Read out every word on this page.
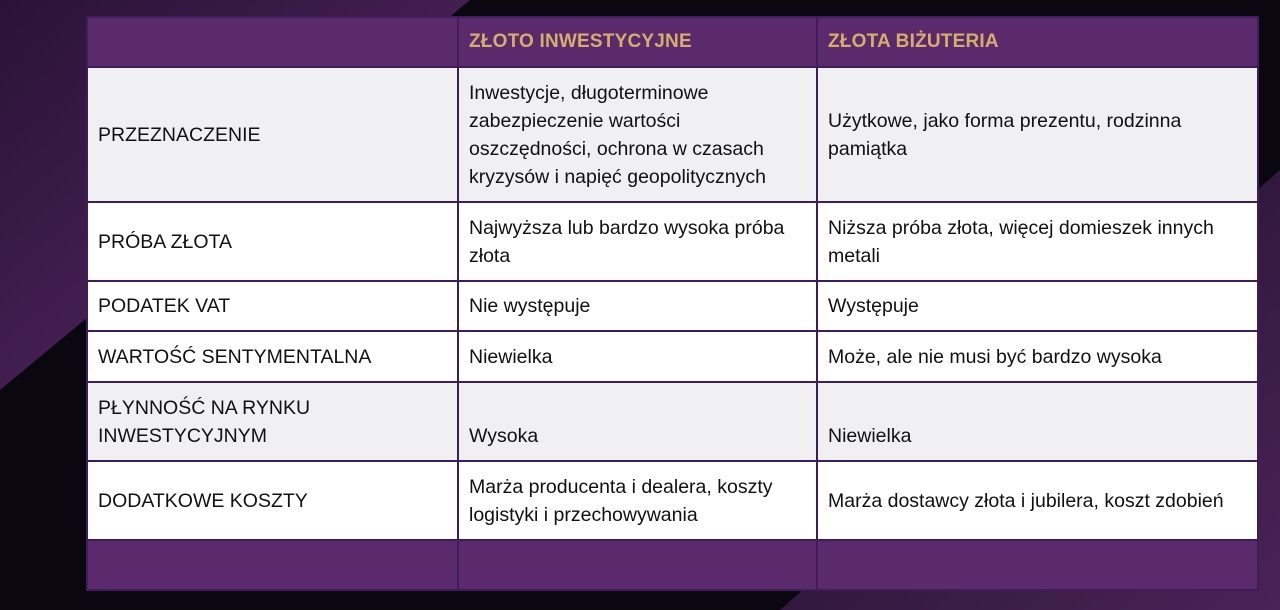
	ZŁOTO INWESTYCYJNE	ZŁOTA BIŻUTERIA
PRZEZNACZENIE	Inwestycje, długoterminowe zabezpieczenie wartości oszczędności, ochrona w czasach kryzysów i napięć geopolitycznych	Użytkowe, jako forma prezentu, rodzinna pamiątka
PRÓBA ZŁOTA	Najwyższa lub bardzo wysoka próba złota	Niższa próba złota, więcej domieszek innych metali
PODATEK VAT	Nie występuje	Występuje
WARTOŚĆ SENTYMENTALNA	Niewielka	Może, ale nie musi być bardzo wysoka
PŁYNNOŚĆ NA RYNKU INWESTYCYJNYM	Wysoka	Niewielka
DODATKOWE KOSZTY	Marża producenta i dealera, koszty logistyki i przechowywania	Marża dostawcy złota i jubilera, koszt zdobień
